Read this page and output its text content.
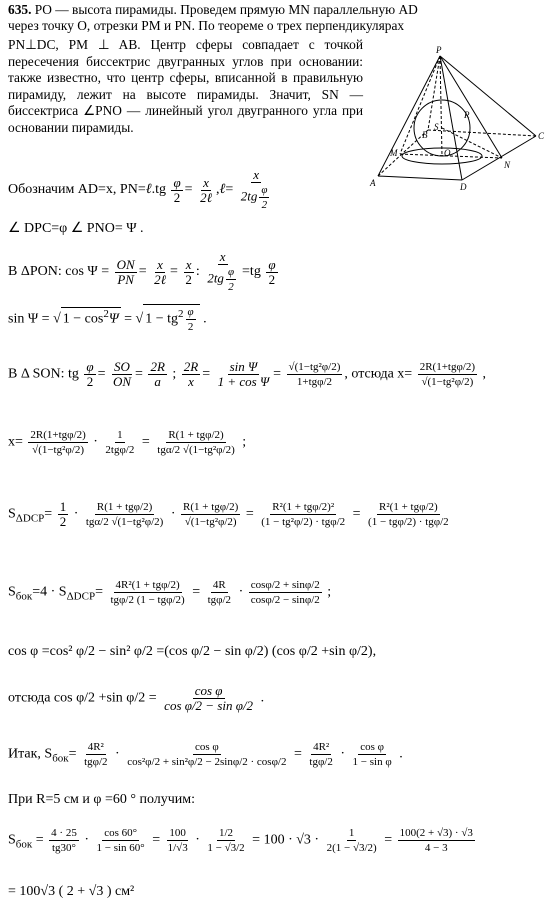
635. PO — высота пирамиды. Проведем прямую MN параллельную AD

через точку O, отрезки PM и PN. По теореме о трех перпендикулярах

PN⊥DC, PM ⊥ AB. Центр сферы совпадает с точкой пересечения биссектрис двугранных углов при основании: также известно, что центр сферы, вписанной в правильную пирамиду, лежит на высоте пирамиды. Значит, SN — биссектриса ∠PNO — линейный угол двугранного угла при основании пирамиды.

P
A
B	C
D
M
N
O
S
R
Обозначим AD=x, PN=ℓ.tg $\frac{\varphi}{2} = \frac{x}{\text{2ℓ}}$ ,ℓ= $\frac{x}{2tg \frac{\varphi}{2}}$
∠ DPC=φ ∠ PNO= Ψ .
В ΔPON: $\cos \Psi = \frac{ON}{PN} = \frac{x}{\text{2ℓ}} = \frac{x}{2}$ : $\frac{x}{2tg \frac{\varphi}{2}} =tg \frac{\varphi}{2}$
sin Ψ = √ $1 - \cos^2\Psi$ = √ $1 - tg^2 \frac{\varphi}{2}$ .
В Δ SON: tg $\frac{\varphi}{2} = \frac{SO}{ON} = \frac{2R}{a}$ ; $\frac{2R}{x} = \frac{\text{sin Ψ}}{\text{1 + cos Ψ}} = \frac{\text{√(1−tg²φ/2)}}{\text{1+tgφ/2}}$ , отсюда $x= \frac{\text{2R(1+tgφ/2)}}{\text{√(1−tg²φ/2)}}$ ,
$x= \frac{\text{2R(1+tgφ/2)}}{\text{√(1−tg²φ/2)}} \cdot \frac{1}{\text{2tgφ/2}} = \frac{\text{R(1 + tgφ/2)}}{\text{tgα/2 √(1−tg²φ/2)}}$ ;
$S_{\Delta DCP}= \frac{1}{2} \cdot \frac{\text{R(1 + tgφ/2)}}{\text{tgα/2 √(1−tg²φ/2)}} \cdot \frac{\text{R(1 + tgφ/2)}}{\text{√(1−tg²φ/2)}} = \frac{\text{R²(1 + tgφ/2)²}}{\text{(1 − tg²φ/2) · tgφ/2}} = \frac{\text{R²(1 + tgφ/2)}}{\text{(1 − tgφ/2) · tgφ/2}}$
$S_{бок}=4 \cdot S_{\Delta DCP}= \frac{\text{4R²(1 + tgφ/2)}}{\text{tgφ/2 (1 − tgφ/2)}} = \frac{4R}{\text{tgφ/2}} \cdot \frac{\cos\varphi/2 + \sin\varphi/2}{\cos\varphi/2 - \sin\varphi/2}$ ;
cos φ =cos² φ/2 − sin² φ/2 =(cos φ/2 − sin φ/2) (cos φ/2 +sin φ/2),
отсюда cos φ/2 +sin $\varphi/2 = \frac{\text{cos φ}}{\text{cos φ/2 − sin φ/2}}$ .
Итак, $S_{бок}= \frac{\text{4R²}}{\text{tgφ/2}} \cdot \frac{\text{cos φ}}{\text{cos²φ/2 + sin²φ/2 − 2sinφ/2 · cosφ/2}} = \frac{\text{4R²}}{\text{tgφ/2}} \cdot \frac{\text{cos φ}}{\text{1 − sin φ}}$ .
При R=5 см и φ =60 ° получим:
$S_{бок} = \frac{4 \cdot 25}{tg30^\circ} \cdot \frac{\cos 60^\circ}{1 - \sin 60^\circ} = \frac{100}{1/√3} \cdot \frac{1/2}{1 - √3/2} = 100 \cdot √3 \cdot \frac{1}{2(1 - √3/2)} = \frac{100(2 + √3) \cdot √3}{4 - 3}$
= 100√3 ( 2 + √3 ) см²
